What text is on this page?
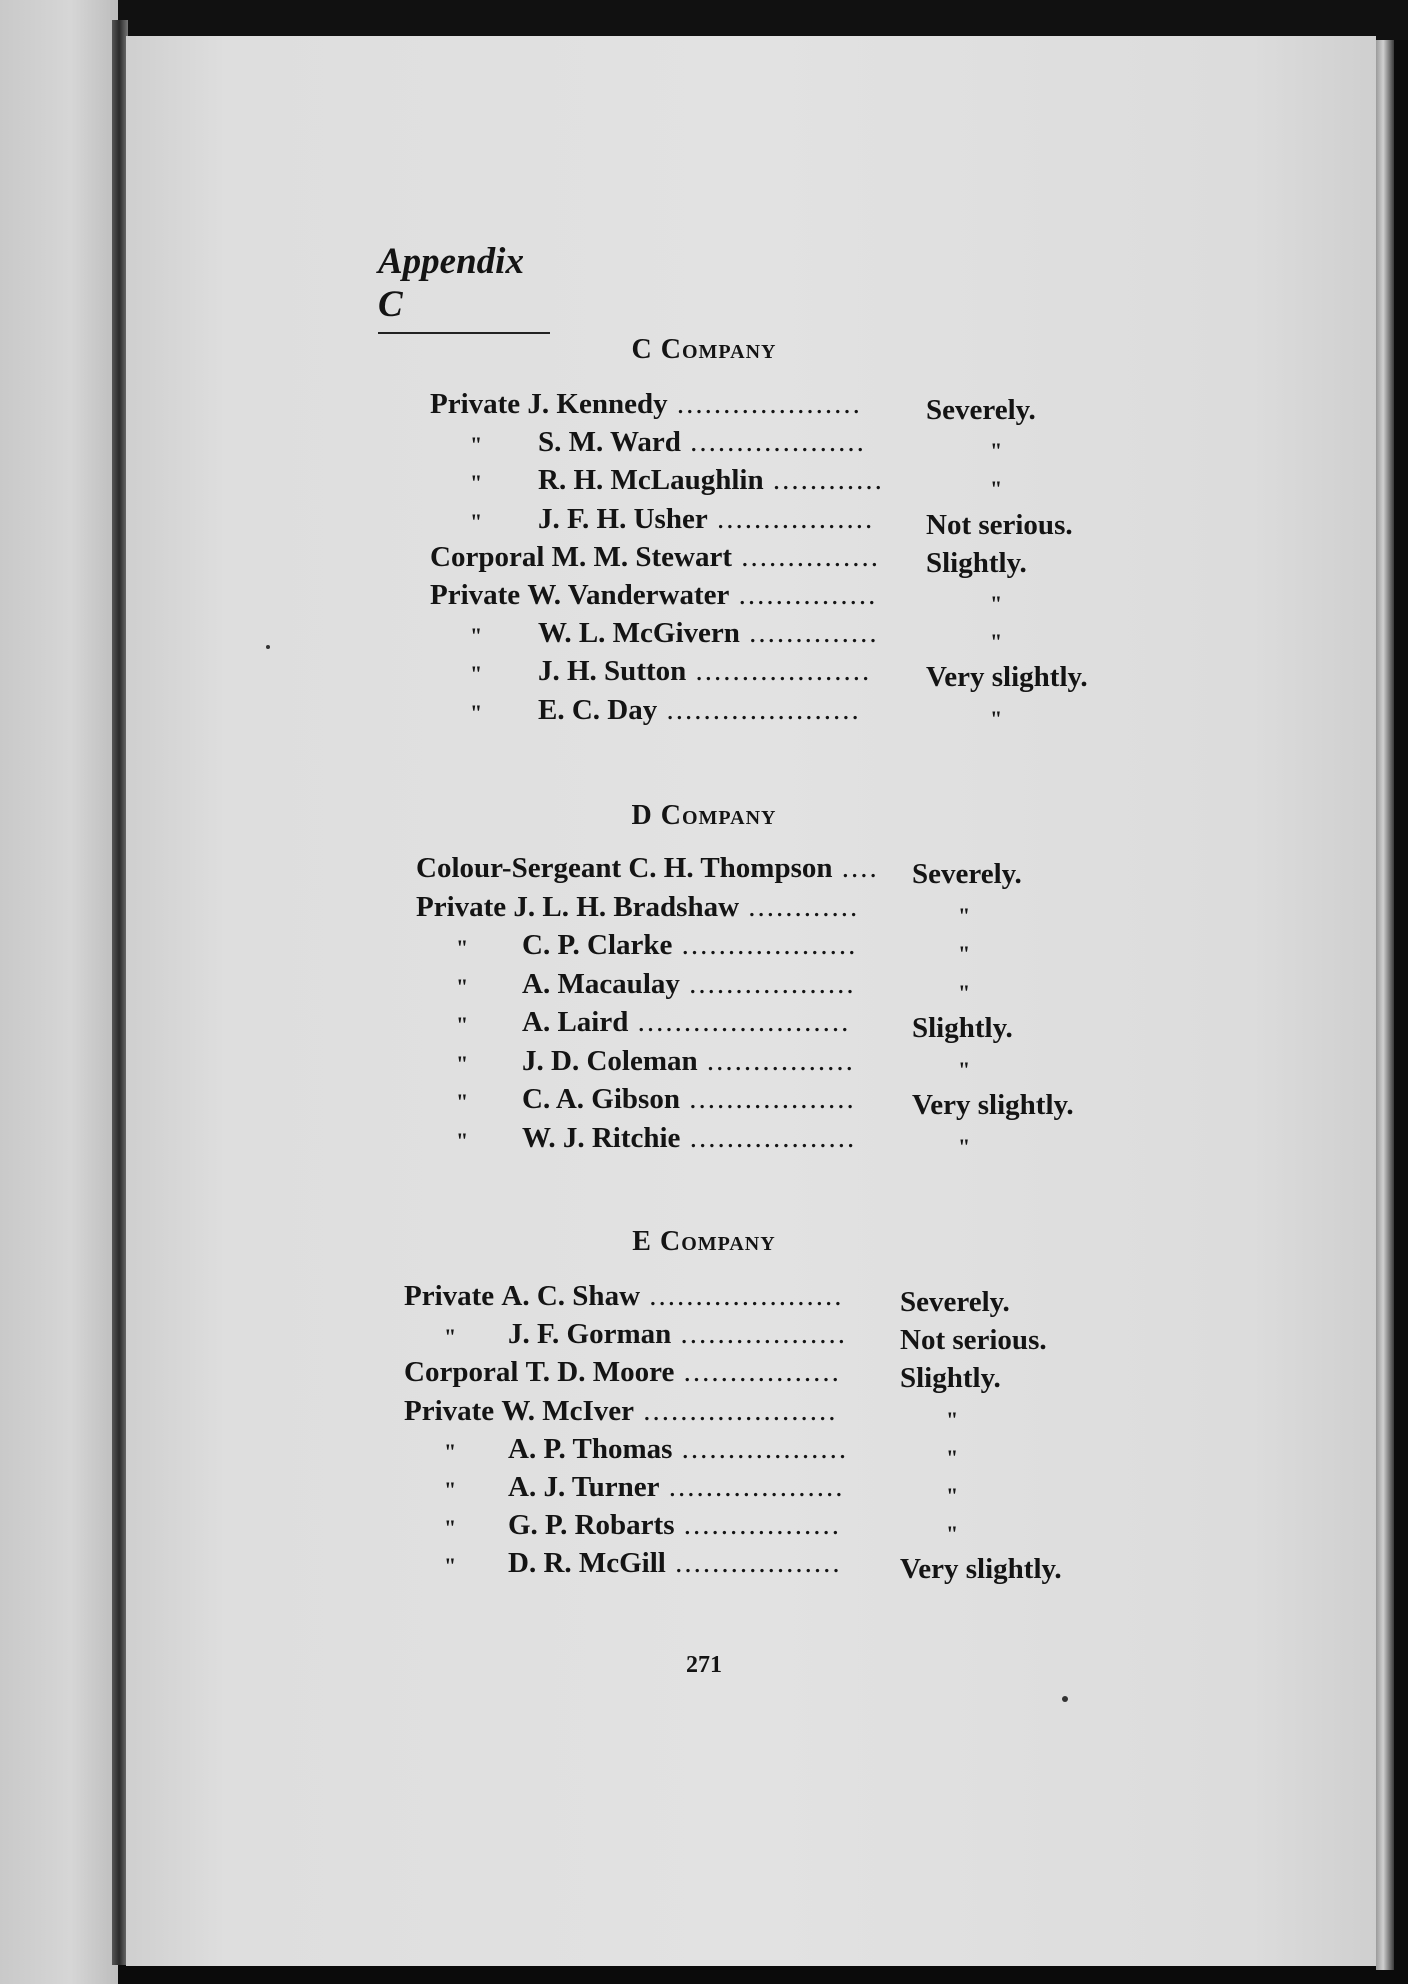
Appendix C
C Company
Private J. Kennedy .................... Severely.
" S. M. Ward ...................	"
" R. H. McLaughlin ............	"
" J. F. H. Usher ................. Not serious.
Corporal M. M. Stewart ............... Slightly.
Private W. Vanderwater ...............	"
" W. L. McGivern ..............	"
" J. H. Sutton ................... Very slightly.
" E. C. Day .....................	"
D Company
Colour-Sergeant C. H. Thompson .... Severely.
Private J. L. H. Bradshaw ............	"
" C. P. Clarke ...................	"
" A. Macaulay ..................	"
" A. Laird ....................... Slightly.
" J. D. Coleman ................	"
" C. A. Gibson .................. Very slightly.
" W. J. Ritchie ..................	"
E Company
Private A. C. Shaw ..................... Severely.
" J. F. Gorman .................. Not serious.
Corporal T. D. Moore ................. Slightly.
Private W. McIver .....................	"
" A. P. Thomas ..................	"
" A. J. Turner ...................	"
" G. P. Robarts .................	"
" D. R. McGill .................. Very slightly.
271
